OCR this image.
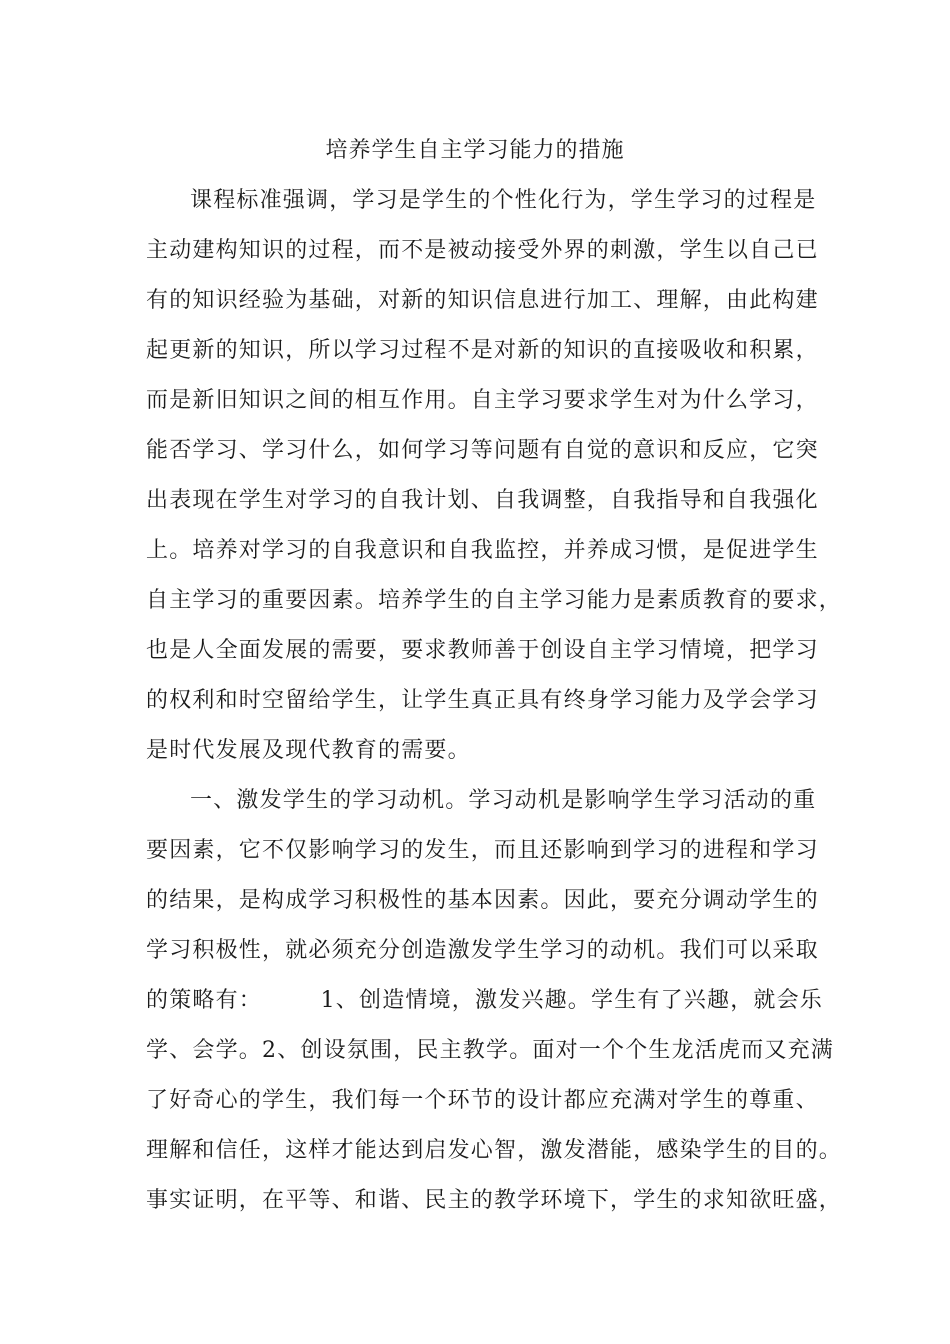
培养学生自主学习能力的措施
课程标准强调，学习是学生的个性化行为，学生学习的过程是
主动建构知识的过程，而不是被动接受外界的刺激，学生以自己已
有的知识经验为基础，对新的知识信息进行加工、理解，由此构建
起更新的知识，所以学习过程不是对新的知识的直接吸收和积累，
而是新旧知识之间的相互作用。自主学习要求学生对为什么学习，
能否学习、学习什么，如何学习等问题有自觉的意识和反应，它突
出表现在学生对学习的自我计划、自我调整，自我指导和自我强化
上。培养对学习的自我意识和自我监控，并养成习惯，是促进学生
自主学习的重要因素。培养学生的自主学习能力是素质教育的要求，
也是人全面发展的需要，要求教师善于创设自主学习情境，把学习
的权利和时空留给学生，让学生真正具有终身学习能力及学会学习
是时代发展及现代教育的需要。
一、激发学生的学习动机。学习动机是影响学生学习活动的重
要因素，它不仅影响学习的发生，而且还影响到学习的进程和学习
的结果，是构成学习积极性的基本因素。因此，要充分调动学生的
学习积极性，就必须充分创造激发学生学习的动机。我们可以采取
的策略有：　　　1、创造情境，激发兴趣。学生有了兴趣，就会乐
学、会学。2、创设氛围，民主教学。面对一个个生龙活虎而又充满
了好奇心的学生，我们每一个环节的设计都应充满对学生的尊重、
理解和信任，这样才能达到启发心智，激发潜能，感染学生的目的。
事实证明，在平等、和谐、民主的教学环境下，学生的求知欲旺盛，
